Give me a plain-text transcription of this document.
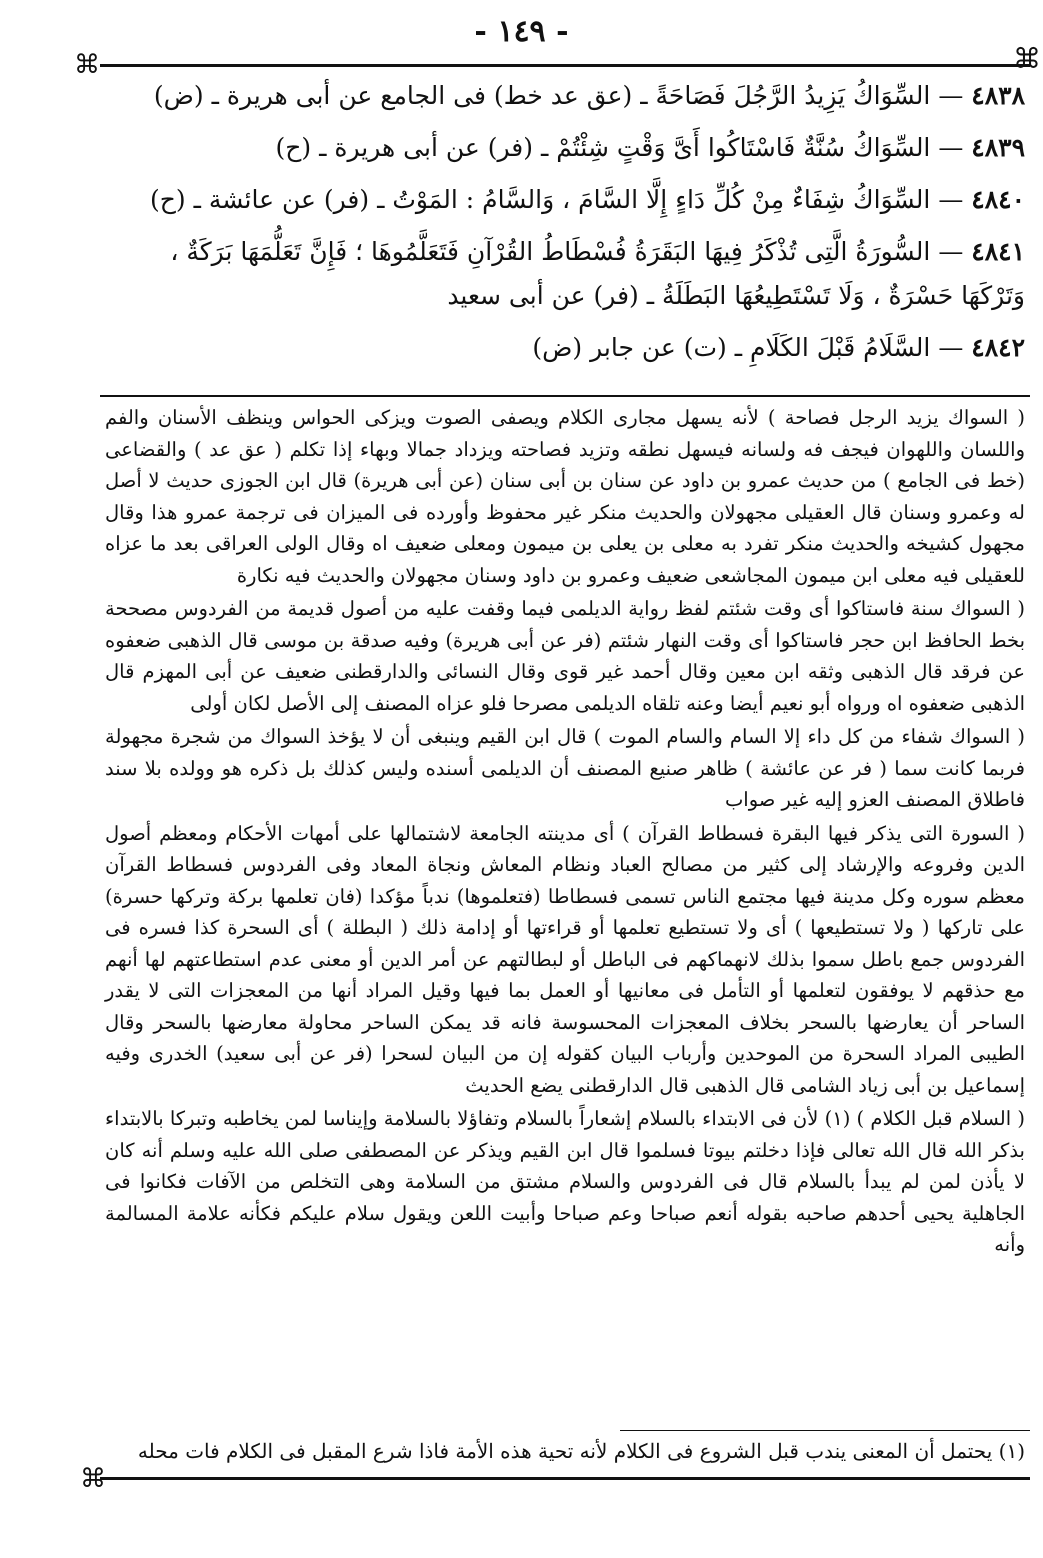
- ١٤٩ -
⌘	⌘

٤٨٣٨ — السِّوَاكُ يَزِيدُ الرَّجُلَ فَصَاحَةً ـ (عق عد خط) فى الجامع عن أبى هريرة ـ (ض)

٤٨٣٩ — السِّوَاكُ سُنَّةٌ فَاسْتَاكُوا أَىَّ وَقْتٍ شِئْتُمْ ـ (فر) عن أبى هريرة ـ (ح)

٤٨٤٠ — السِّوَاكُ شِفَاءٌ مِنْ كُلِّ دَاءٍ إِلَّا السَّامَ ، وَالسَّامُ : المَوْتُ ـ (فر) عن عائشة ـ (ح)

٤٨٤١ — السُّورَةُ الَّتِى تُذْكَرُ فِيهَا البَقَرَةُ فُسْطَاطُ القُرْآنِ فَتَعَلَّمُوهَا ؛ فَإِنَّ تَعَلُّمَهَا بَرَكَةٌ ، وَتَرْكَهَا حَسْرَةٌ ، وَلَا تَسْتَطِيعُهَا البَطَلَةُ ـ (فر) عن أبى سعيد

٤٨٤٢ — السَّلَامُ قَبْلَ الكَلَامِ ـ (ت) عن جابر (ض)

( السواك يزيد الرجل فصاحة ) لأنه يسهل مجارى الكلام ويصفى الصوت ويزكى الحواس وينظف الأسنان والفم واللسان واللهوان فيجف فه ولسانه فيسهل نطقه وتزيد فصاحته ويزداد جمالا وبهاء إذا تكلم ( عق عد ) والقضاعى (خط فى الجامع ) من حديث عمرو بن داود عن سنان بن أبى سنان (عن أبى هريرة) قال ابن الجوزى حديث لا أصل له وعمرو وسنان قال العقيلى مجهولان والحديث منكر غير محفوظ وأورده فى الميزان فى ترجمة عمرو هذا وقال مجهول كشيخه والحديث منكر تفرد به معلى بن يعلى بن ميمون ومعلى ضعيف اه وقال الولى العراقى بعد ما عزاه للعقيلى فيه معلى ابن ميمون المجاشعى ضعيف وعمرو بن داود وسنان مجهولان والحديث فيه نكارة

( السواك سنة فاستاكوا أى وقت شئتم لفظ رواية الديلمى فيما وقفت عليه من أصول قديمة من الفردوس مصححة بخط الحافظ ابن حجر فاستاكوا أى وقت النهار شئتم (فر عن أبى هريرة) وفيه صدقة بن موسى قال الذهبى ضعفوه عن فرقد قال الذهبى وثقه ابن معين وقال أحمد غير قوى وقال النسائى والدارقطنى ضعيف عن أبى المهزم قال الذهبى ضعفوه اه ورواه أبو نعيم أيضا وعنه تلقاه الديلمى مصرحا فلو عزاه المصنف إلى الأصل لكان أولى

( السواك شفاء من كل داء إلا السام والسام الموت ) قال ابن القيم وينبغى أن لا يؤخذ السواك من شجرة مجهولة فربما كانت سما ( فر عن عائشة ) ظاهر صنيع المصنف أن الديلمى أسنده وليس كذلك بل ذكره هو وولده بلا سند فاطلاق المصنف العزو إليه غير صواب

( السورة التى يذكر فيها البقرة فسطاط القرآن ) أى مدينته الجامعة لاشتمالها على أمهات الأحكام ومعظم أصول الدين وفروعه والإرشاد إلى كثير من مصالح العباد ونظام المعاش ونجاة المعاد وفى الفردوس فسطاط القرآن معظم سوره وكل مدينة فيها مجتمع الناس تسمى فسطاطا (فتعلموها) ندباً مؤكدا (فان تعلمها بركة وتركها حسرة) على تاركها ( ولا تستطيعها ) أى ولا تستطيع تعلمها أو قراءتها أو إدامة ذلك ( البطلة ) أى السحرة كذا فسره فى الفردوس جمع باطل سموا بذلك لانهماكهم فى الباطل أو لبطالتهم عن أمر الدين أو معنى عدم استطاعتهم لها أنهم مع حذقهم لا يوفقون لتعلمها أو التأمل فى معانيها أو العمل بما فيها وقيل المراد أنها من المعجزات التى لا يقدر الساحر أن يعارضها بالسحر بخلاف المعجزات المحسوسة فانه قد يمكن الساحر محاولة معارضها بالسحر وقال الطيبى المراد السحرة من الموحدين وأرباب البيان كقوله إن من البيان لسحرا (فر عن أبى سعيد) الخدرى وفيه إسماعيل بن أبى زياد الشامى قال الذهبى قال الدارقطنى يضع الحديث

( السلام قبل الكلام ) (١) لأن فى الابتداء بالسلام إشعاراً بالسلام وتفاؤلا بالسلامة وإيناسا لمن يخاطبه وتبركا بالابتداء بذكر الله قال الله تعالى فإذا دخلتم بيوتا فسلموا قال ابن القيم ويذكر عن المصطفى صلى الله عليه وسلم أنه كان لا يأذن لمن لم يبدأ بالسلام قال فى الفردوس والسلام مشتق من السلامة وهى التخلص من الآفات فكانوا فى الجاهلية يحيى أحدهم صاحبه بقوله أنعم صباحا وعم صباحا وأبيت اللعن ويقول سلام عليكم فكأنه علامة المسالمة وأنه

(١) يحتمل أن المعنى يندب قبل الشروع فى الكلام لأنه تحية هذه الأمة فاذا شرع المقبل فى الكلام فات محله
⌘
